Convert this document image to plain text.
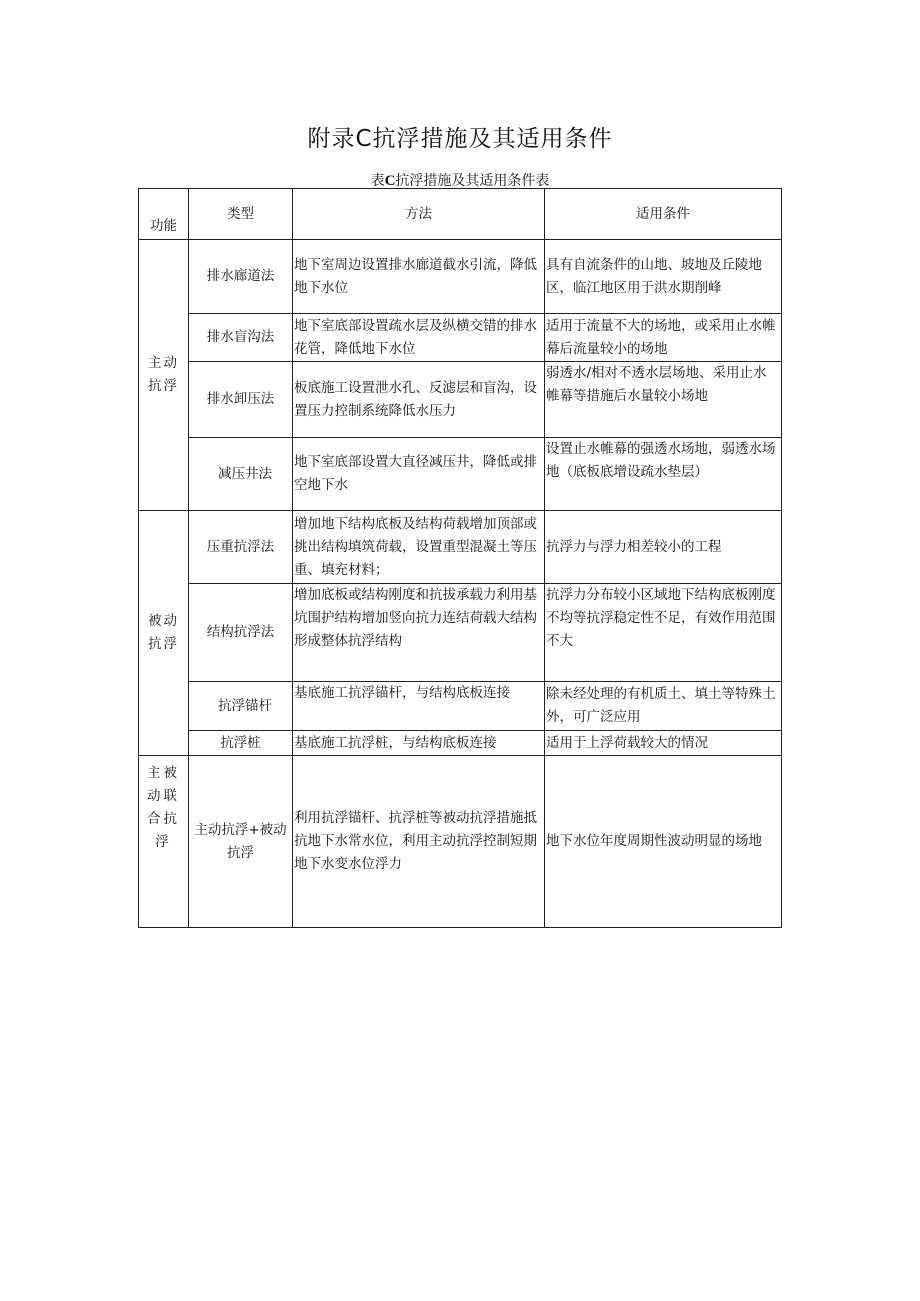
附录C抗浮措施及其适用条件
表C抗浮措施及其适用条件表
功能	类型	方法	适用条件

主动抗浮	排水廊道法	地下室周边设置排水廊道截水引流，降低地下水位	具有自流条件的山地、坡地及丘陵地区，临江地区用于洪水期削峰
	排水盲沟法	地下室底部设置疏水层及纵横交错的排水花管，降低地下水位	适用于流量不大的场地，或采用止水帷幕后流量较小的场地
	排水卸压法	板底施工设置泄水孔、反滤层和盲沟，设置压力控制系统降低水压力	弱透水/相对不透水层场地、采用止水帷幕等措施后水量较小场地
	减压井法	地下室底部设置大直径减压井，降低或排空地下水	设置止水帷幕的强透水场地，弱透水场地（底板底增设疏水垫层）

被动抗浮	压重抗浮法	增加地下结构底板及结构荷载增加顶部或挑出结构填筑荷载，设置重型混凝土等压重、填充材料；	抗浮力与浮力相差较小的工程
	结构抗浮法	增加底板或结构刚度和抗拔承载力利用基坑围护结构增加竖向抗力连结荷载大结构形成整体抗浮结构	抗浮力分布较小区域地下结构底板刚度不均等抗浮稳定性不足，有效作用范围不大
	抗浮锚杆	基底施工抗浮锚杆，与结构底板连接	除未经处理的有机质土、填土等特殊土外，可广泛应用
	抗浮桩	基底施工抗浮桩，与结构底板连接	适用于上浮荷载较大的情况

主被动联合抗浮	主动抗浮+被动抗浮	利用抗浮锚杆、抗浮桩等被动抗浮措施抵抗地下水常水位，利用主动抗浮控制短期地下水变水位浮力	地下水位年度周期性波动明显的场地
